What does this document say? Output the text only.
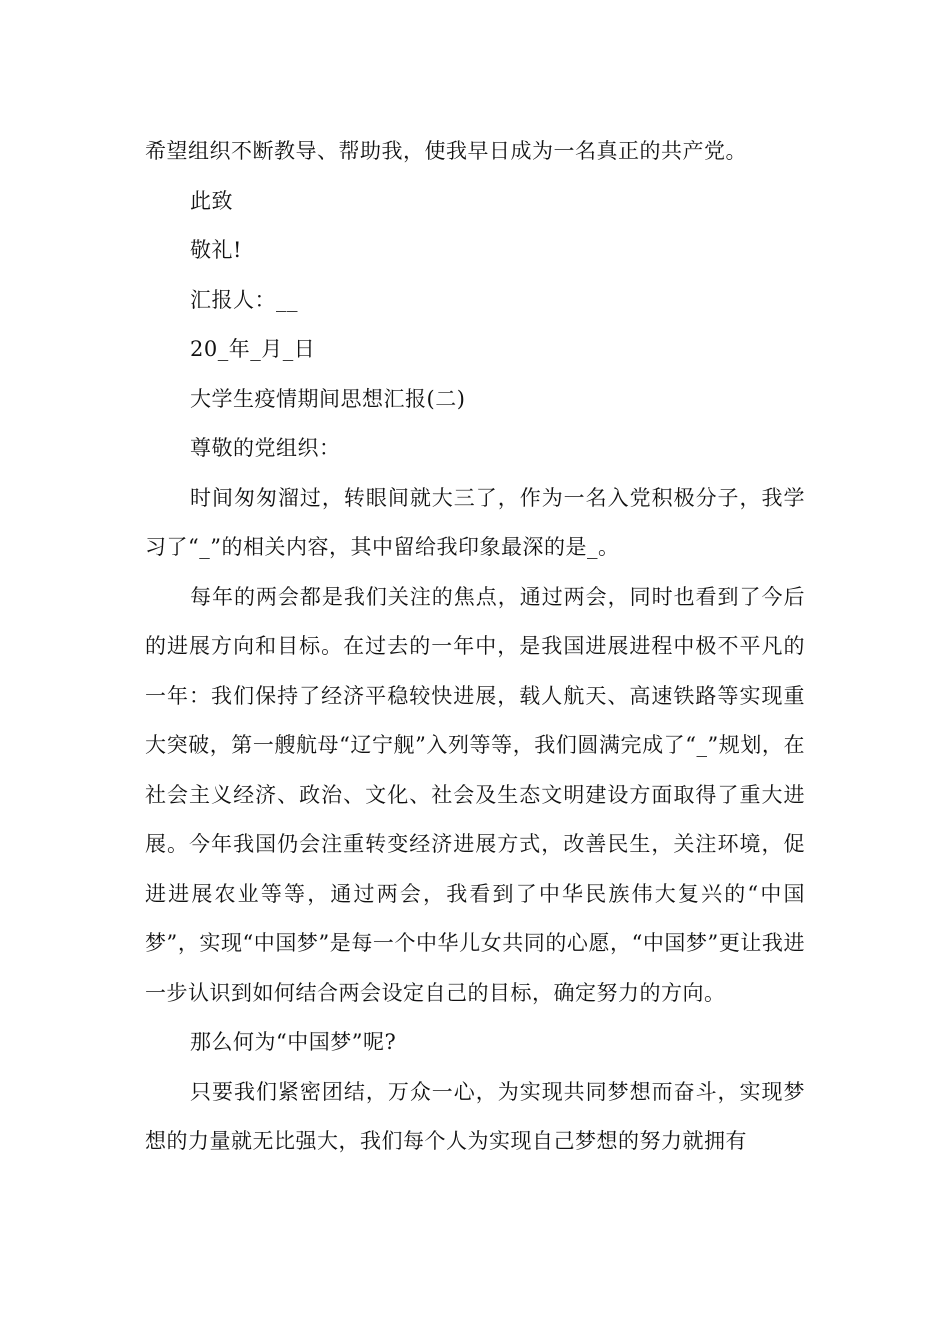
希望组织不断教导、帮助我，使我早日成为一名真正的共产党。

此致

敬礼!

汇报人：__

20_年_月_日

大学生疫情期间思想汇报(二)

尊敬的党组织：

时间匆匆溜过，转眼间就大三了，作为一名入党积极分子，我学习了“_”的相关内容，其中留给我印象最深的是_。

每年的两会都是我们关注的焦点，通过两会，同时也看到了今后的进展方向和目标。在过去的一年中，是我国进展进程中极不平凡的一年：我们保持了经济平稳较快进展，载人航天、高速铁路等实现重大突破，第一艘航母“辽宁舰”入列等等，我们圆满完成了“_”规划，在社会主义经济、政治、文化、社会及生态文明建设方面取得了重大进展。今年我国仍会注重转变经济进展方式，改善民生，关注环境，促进进展农业等等，通过两会，我看到了中华民族伟大复兴的“中国梦”，实现“中国梦”是每一个中华儿女共同的心愿，“中国梦”更让我进一步认识到如何结合两会设定自己的目标，确定努力的方向。

那么何为“中国梦”呢?

只要我们紧密团结，万众一心，为实现共同梦想而奋斗，实现梦想的力量就无比强大，我们每个人为实现自己梦想的努力就拥有
